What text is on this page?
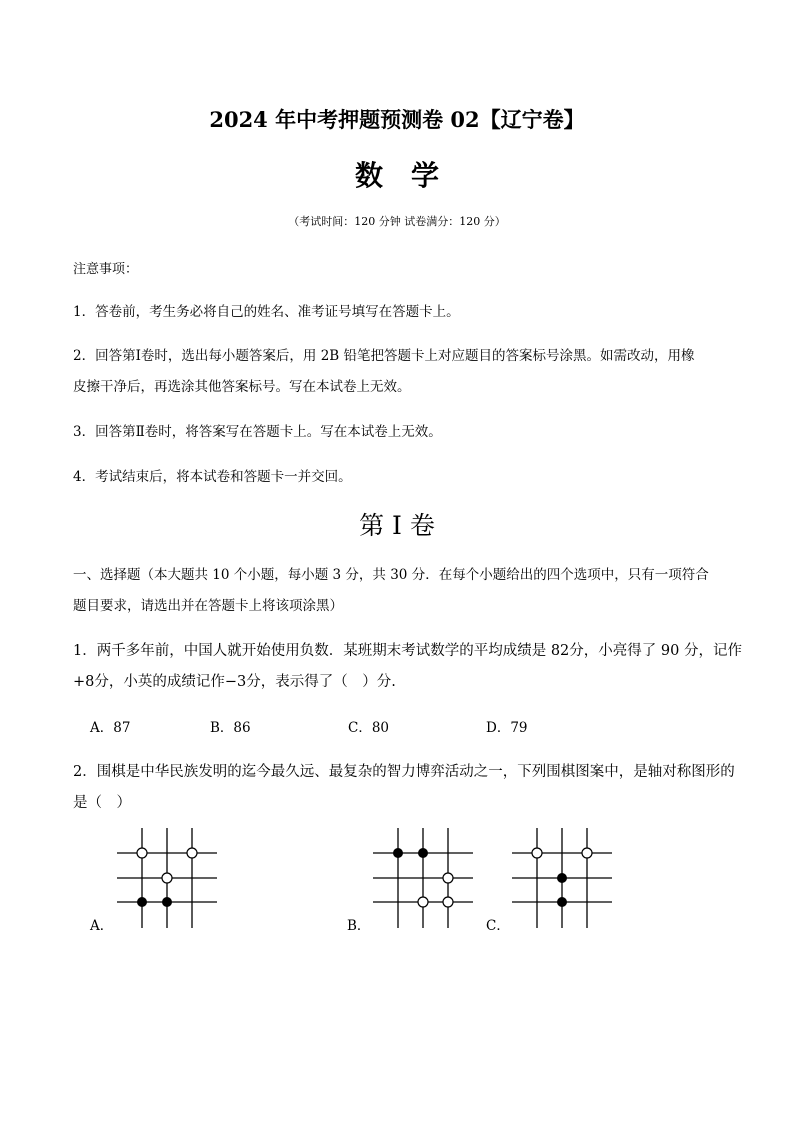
2024 年中考押题预测卷 02【辽宁卷】
数学
（考试时间：120 分钟 试卷满分：120 分）
注意事项：
1．答卷前，考生务必将自己的姓名、准考证号填写在答题卡上。
2．回答第Ⅰ卷时，选出每小题答案后，用 2B 铅笔把答题卡上对应题目的答案标号涂黑。如需改动，用橡
皮擦干净后，再选涂其他答案标号。写在本试卷上无效。
3．回答第Ⅱ卷时，将答案写在答题卡上。写在本试卷上无效。
4．考试结束后，将本试卷和答题卡一并交回。
第 I 卷
一、选择题（本大题共 10 个小题，每小题 3 分，共 30 分．在每个小题给出的四个选项中，只有一项符合
题目要求，请选出并在答题卡上将该项涂黑）
1．两千多年前，中国人就开始使用负数．某班期末考试数学的平均成绩是 82分，小亮得了 90 分，记作
+8分，小英的成绩记作−3分，表示得了（　）分.
A．87	B．86	C．80	D．79
2．围棋是中华民族发明的迄今最久远、最复杂的智力博弈活动之一，下列围棋图案中，是轴对称图形的
是（　）
A．	B．	C．
